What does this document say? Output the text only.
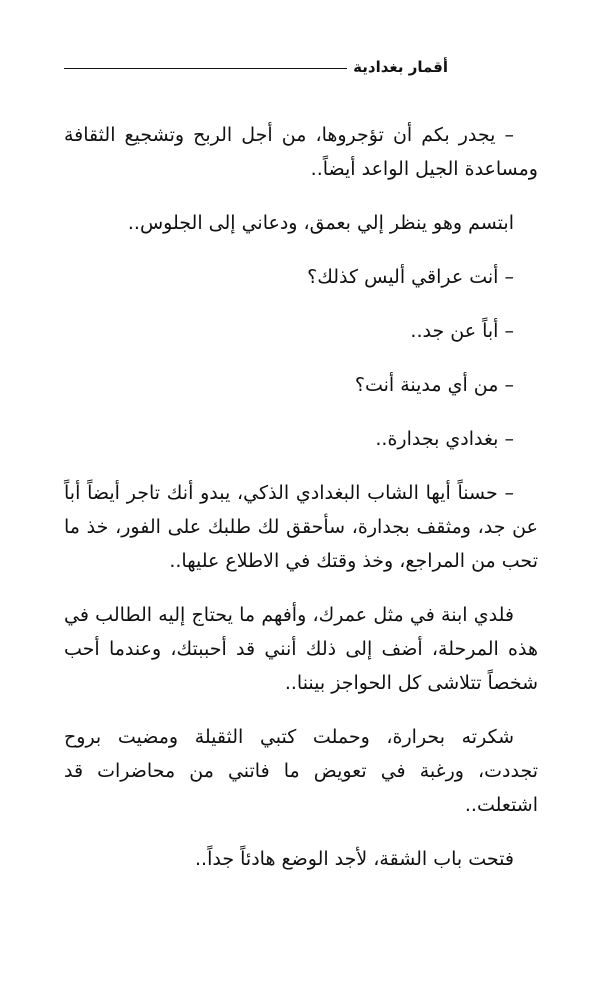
أقمار بغدادية

– يجدر بكم أن تؤجروها، من أجل الربح وتشجيع الثقافة ومساعدة الجيل الواعد أيضاً..

ابتسم وهو ينظر إلي بعمق، ودعاني إلى الجلوس..

– أنت عراقي أليس كذلك؟

– أباً عن جد..

– من أي مدينة أنت؟

– بغدادي بجدارة..

– حسناً أيها الشاب البغدادي الذكي، يبدو أنك تاجر أيضاً أباً عن جد، ومثقف بجدارة، سأحقق لك طلبك على الفور، خذ ما تحب من المراجع، وخذ وقتك في الاطلاع عليها..

فلدي ابنة في مثل عمرك، وأفهم ما يحتاج إليه الطالب في هذه المرحلة، أضف إلى ذلك أنني قد أحببتك، وعندما أحب شخصاً تتلاشى كل الحواجز بيننا..

شكرته بحرارة، وحملت كتبي الثقيلة ومضيت بروح تجددت، ورغبة في تعويض ما فاتني من محاضرات قد اشتعلت..

فتحت باب الشقة، لأجد الوضع هادئاً جداً..
